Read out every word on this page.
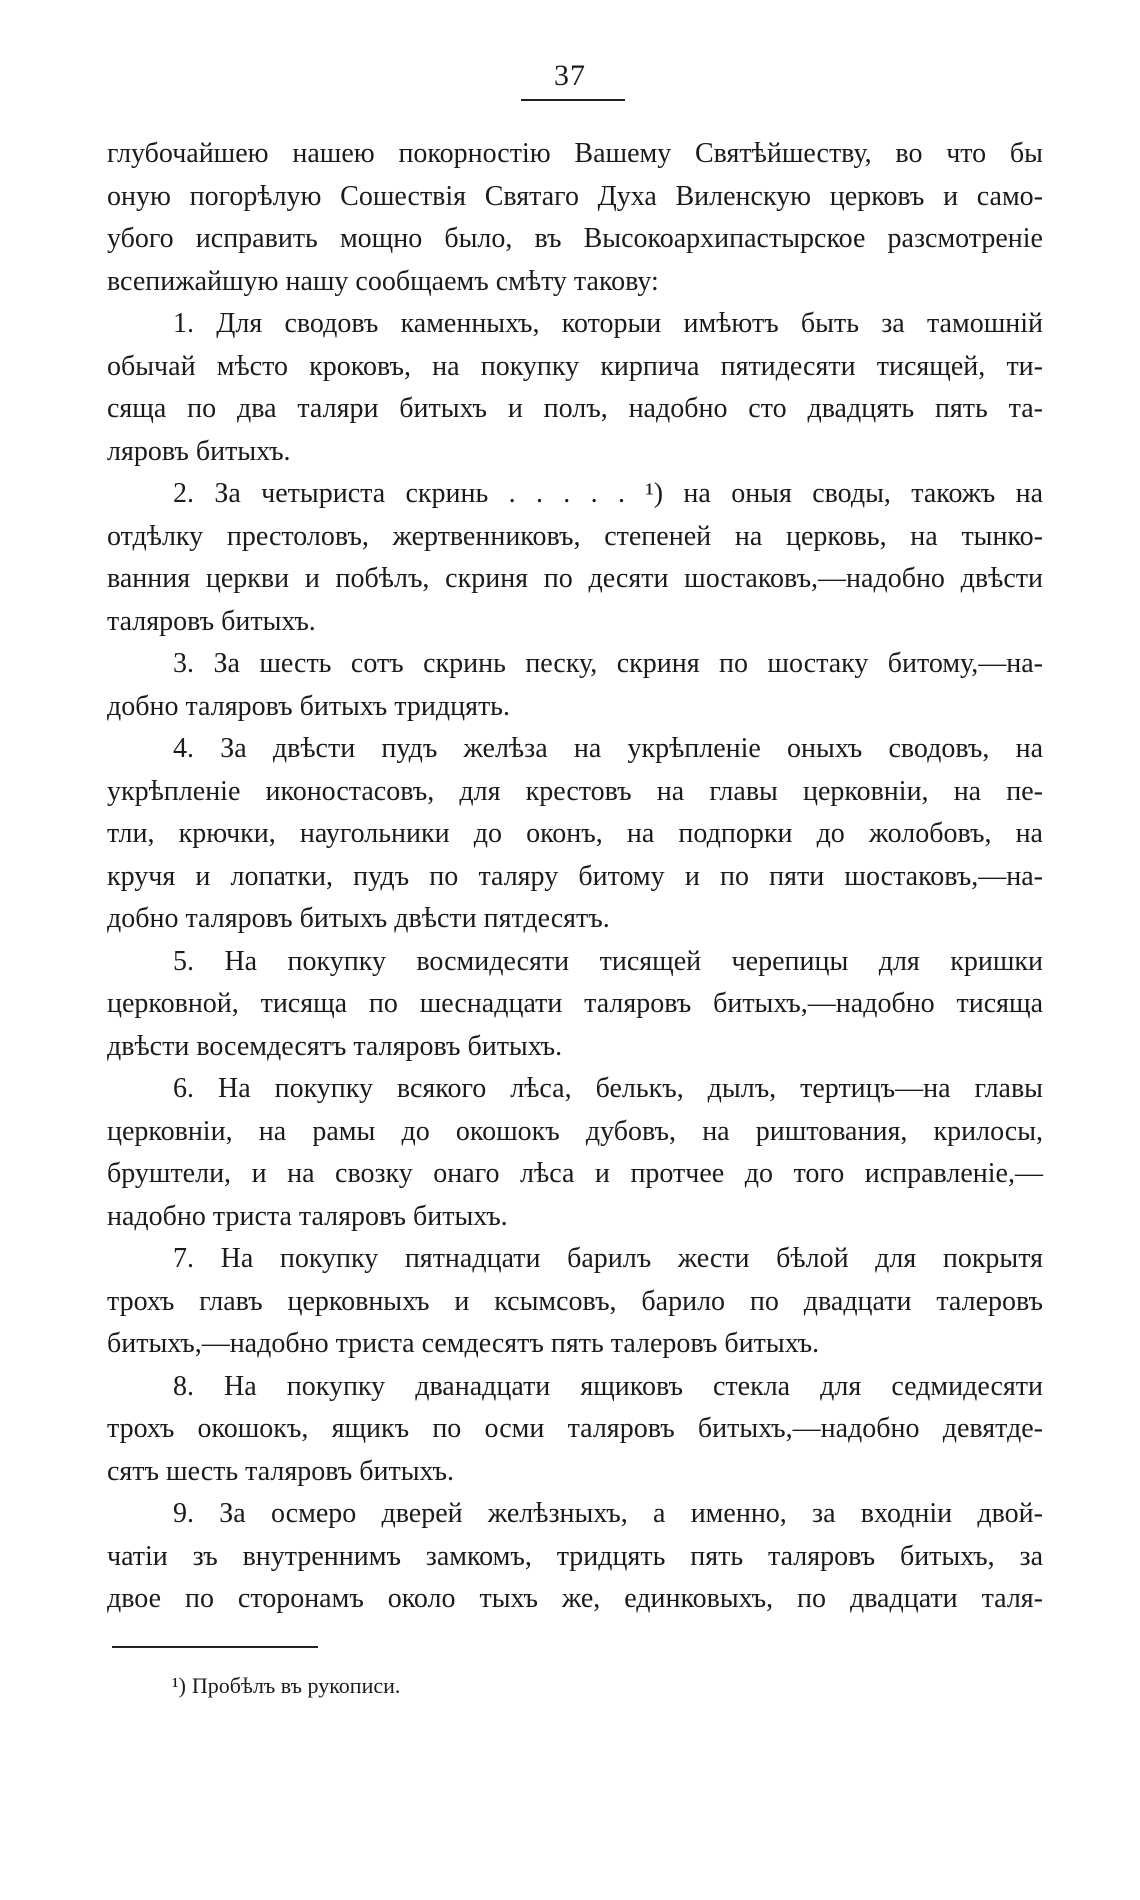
37
глубочайшею нашею покорностію Вашему Святѣйшеству, во что бы
оную погорѣлую Сошествія Святаго Духа Виленскую церковъ и само-
убого исправить мощно было, въ Высокоархипастырское разсмотреніе
всепижайшую нашу сообщаемъ смѣту такову:
1. Для сводовъ каменныхъ, которыи имѣютъ быть за тамошній
обычай мѣсто кроковъ, на покупку кирпича пятидесяти тисящей, ти-
сяща по два таляри битыхъ и полъ, надобно сто двадцять пять та-
ляровъ битыхъ.
2. За четыриста скринь . . . . . ¹) на оныя своды, такожъ на
отдѣлку престоловъ, жертвенниковъ, степеней на церковь, на тынко-
ванния церкви и побѣлъ, скриня по десяти шостаковъ,—надобно двѣсти
таляровъ битыхъ.
3. За шесть сотъ скринь песку, скриня по шостаку битому,—на-
добно таляровъ битыхъ тридцять.
4. За двѣсти пудъ желѣза на укрѣпленіе оныхъ сводовъ, на
укрѣпленіе иконостасовъ, для крестовъ на главы церковніи, на пе-
тли, крючки, наугольники до оконъ, на подпорки до жолобовъ, на
кручя и лопатки, пудъ по таляру битому и по пяти шостаковъ,—на-
добно таляровъ битыхъ двѣсти пятдесятъ.
5. На покупку восмидесяти тисящей черепицы для кришки
церковной, тисяща по шеснадцати таляровъ битыхъ,—надобно тисяща
двѣсти восемдесятъ таляровъ битыхъ.
6. На покупку всякого лѣса, белькъ, дылъ, тертицъ—на главы
церковніи, на рамы до окошокъ дубовъ, на риштования, крилосы,
бруштели, и на свозку онаго лѣса и протчее до того исправленіе,—
надобно триста таляровъ битыхъ.
7. На покупку пятнадцати барилъ жести бѣлой для покрытя
трохъ главъ церковныхъ и ксымсовъ, барило по двадцати талеровъ
битыхъ,—надобно триста семдесятъ пять талеровъ битыхъ.
8. На покупку дванадцати ящиковъ стекла для седмидесяти
трохъ окошокъ, ящикъ по осми таляровъ битыхъ,—надобно девятде-
сятъ шесть таляровъ битыхъ.
9. За осмеро дверей желѣзныхъ, а именно, за входніи двой-
чатіи зъ внутреннимъ замкомъ, тридцять пять таляровъ битыхъ, за
двое по сторонамъ около тыхъ же, единковыхъ, по двадцати таля-
¹) Пробѣлъ въ рукописи.
